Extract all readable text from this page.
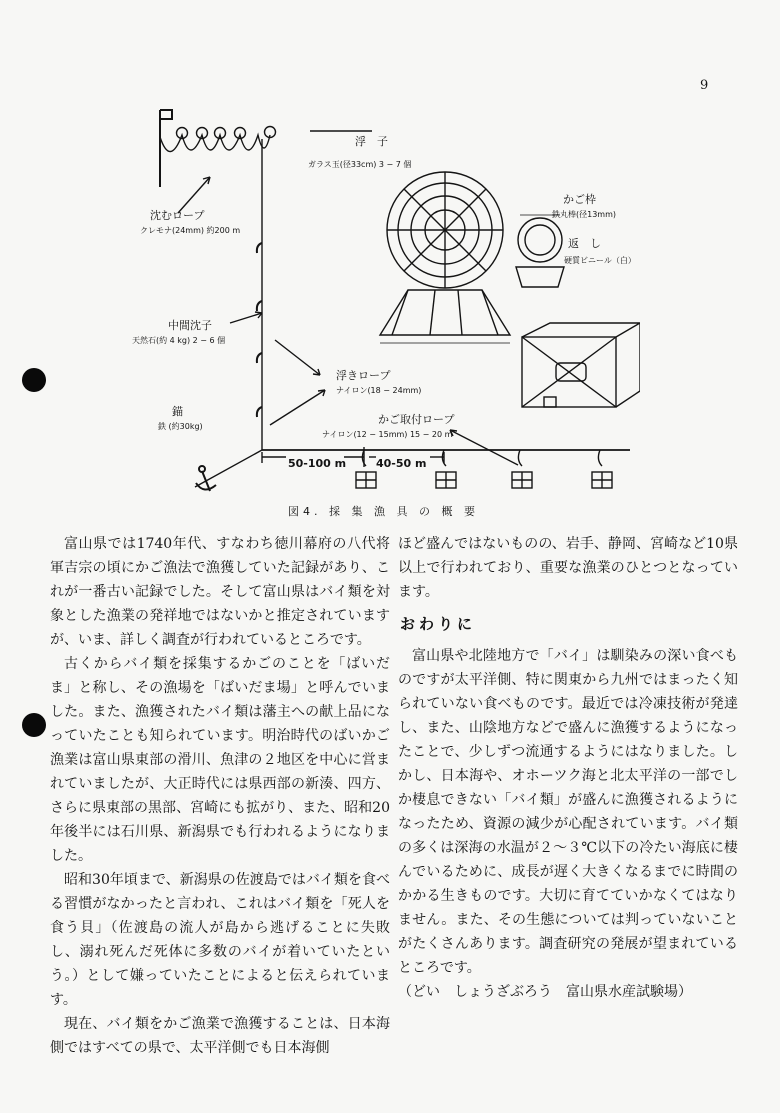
9
浮　子
ガラス玉(径33cm) 3 − 7 個
沈むロープ
クレモナ(24mm) 約200 m
中間沈子
天然石(約 4 kg) 2 − 6 個
錨
鉄 (約30kg)
浮きロープ
ナイロン(18 − 24mm)
かご取付ロープ
ナイロン(12 − 15mm) 15 − 20 m
かご枠
鉄丸棒(径13mm)
返　し
硬質ビニール（白）
50-100 m	40-50 m
図4. 採 集 漁 具 の 概 要

富山県では1740年代、すなわち徳川幕府の八代将軍吉宗の頃にかご漁法で漁獲していた記録があり、これが一番古い記録でした。そして富山県はバイ類を対象とした漁業の発祥地ではないかと推定されていますが、いま、詳しく調査が行われているところです。

古くからバイ類を採集するかごのことを「ばいだま」と称し、その漁場を「ばいだま場」と呼んでいました。また、漁獲されたバイ類は藩主への献上品になっていたことも知られています。明治時代のばいかご漁業は富山県東部の滑川、魚津の２地区を中心に営まれていましたが、大正時代には県西部の新湊、四方、さらに県東部の黒部、宮崎にも拡がり、また、昭和20年後半には石川県、新潟県でも行われるようになりました。

昭和30年頃まで、新潟県の佐渡島ではバイ類を食べる習慣がなかったと言われ、これはバイ類を「死人を食う貝」（佐渡島の流人が島から逃げることに失敗し、溺れ死んだ死体に多数のバイが着いていたという。）として嫌っていたことによると伝えられています。

現在、バイ類をかご漁業で漁獲することは、日本海側ではすべての県で、太平洋側でも日本海側

ほど盛んではないものの、岩手、静岡、宮崎など10県以上で行われており、重要な漁業のひとつとなっています。

おわりに

富山県や北陸地方で「バイ」は馴染みの深い食べものですが太平洋側、特に関東から九州ではまったく知られていない食べものです。最近では冷凍技術が発達し、また、山陰地方などで盛んに漁獲するようになったことで、少しずつ流通するようにはなりました。しかし、日本海や、オホーツク海と北太平洋の一部でしか棲息できない「バイ類」が盛んに漁獲されるようになったため、資源の減少が心配されています。バイ類の多くは深海の水温が２～３℃以下の冷たい海底に棲んでいるために、成長が遅く大きくなるまでに時間のかかる生きものです。大切に育てていかなくてはなりません。また、その生態については判っていないことがたくさんあります。調査研究の発展が望まれているところです。

（どい　しょうざぶろう　富山県水産試験場）
